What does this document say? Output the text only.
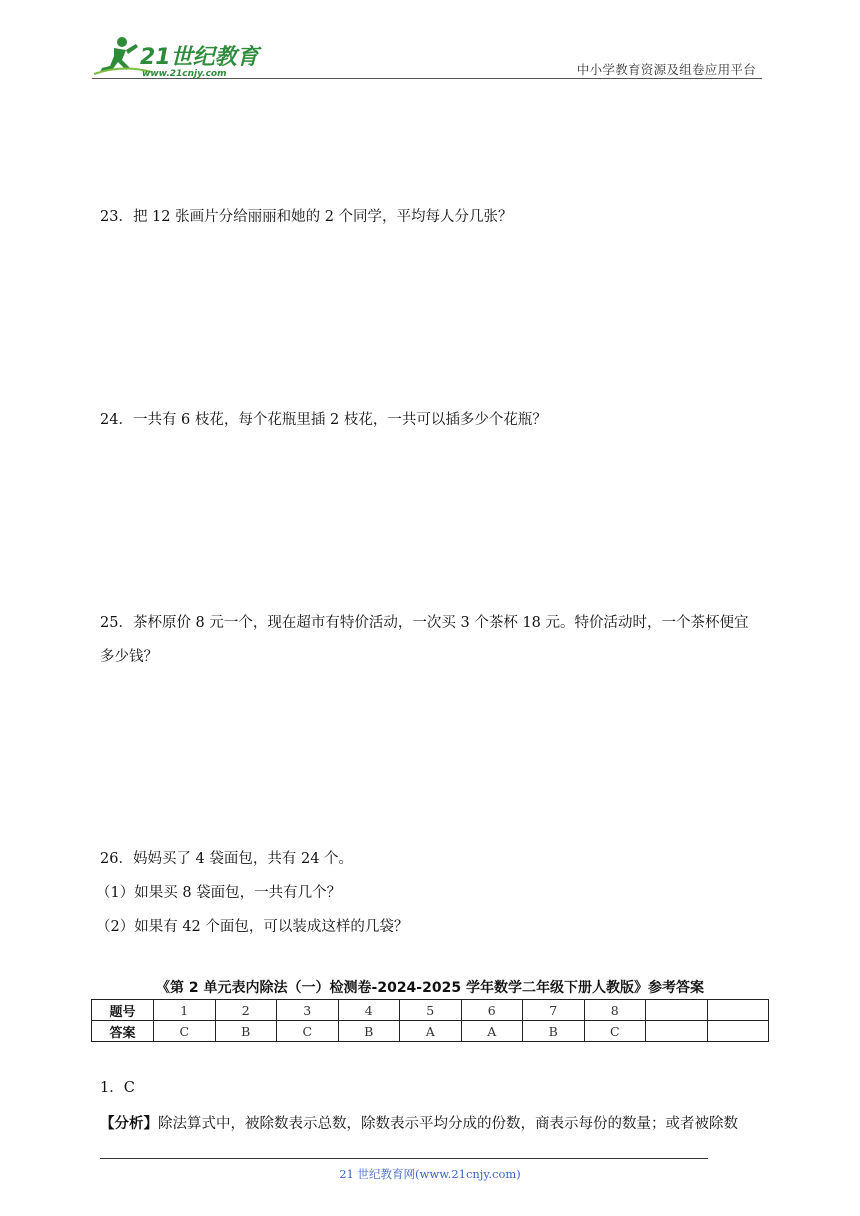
21世纪教育
www.21cnjy.com	中小学教育资源及组卷应用平台
23．把 12 张画片分给丽丽和她的 2 个同学，平均每人分几张？
24．一共有 6 枝花，每个花瓶里插 2 枝花，一共可以插多少个花瓶？
25．茶杯原价 8 元一个，现在超市有特价活动，一次买 3 个茶杯 18 元。特价活动时，一个茶杯便宜
多少钱？
26．妈妈买了 4 袋面包，共有 24 个。
（1）如果买 8 袋面包，一共有几个？
（2）如果有 42 个面包，可以装成这样的几袋？
《第 2 单元表内除法（一）检测卷-2024-2025 学年数学二年级下册人教版》参考答案
题号	1	2	3	4	5	6	7	8		
答案	C	B	C	B	A	A	B	C		
1．C
【分析】除法算式中，被除数表示总数，除数表示平均分成的份数，商表示每份的数量；或者被除数
21 世纪教育网(www.21cnjy.com)
